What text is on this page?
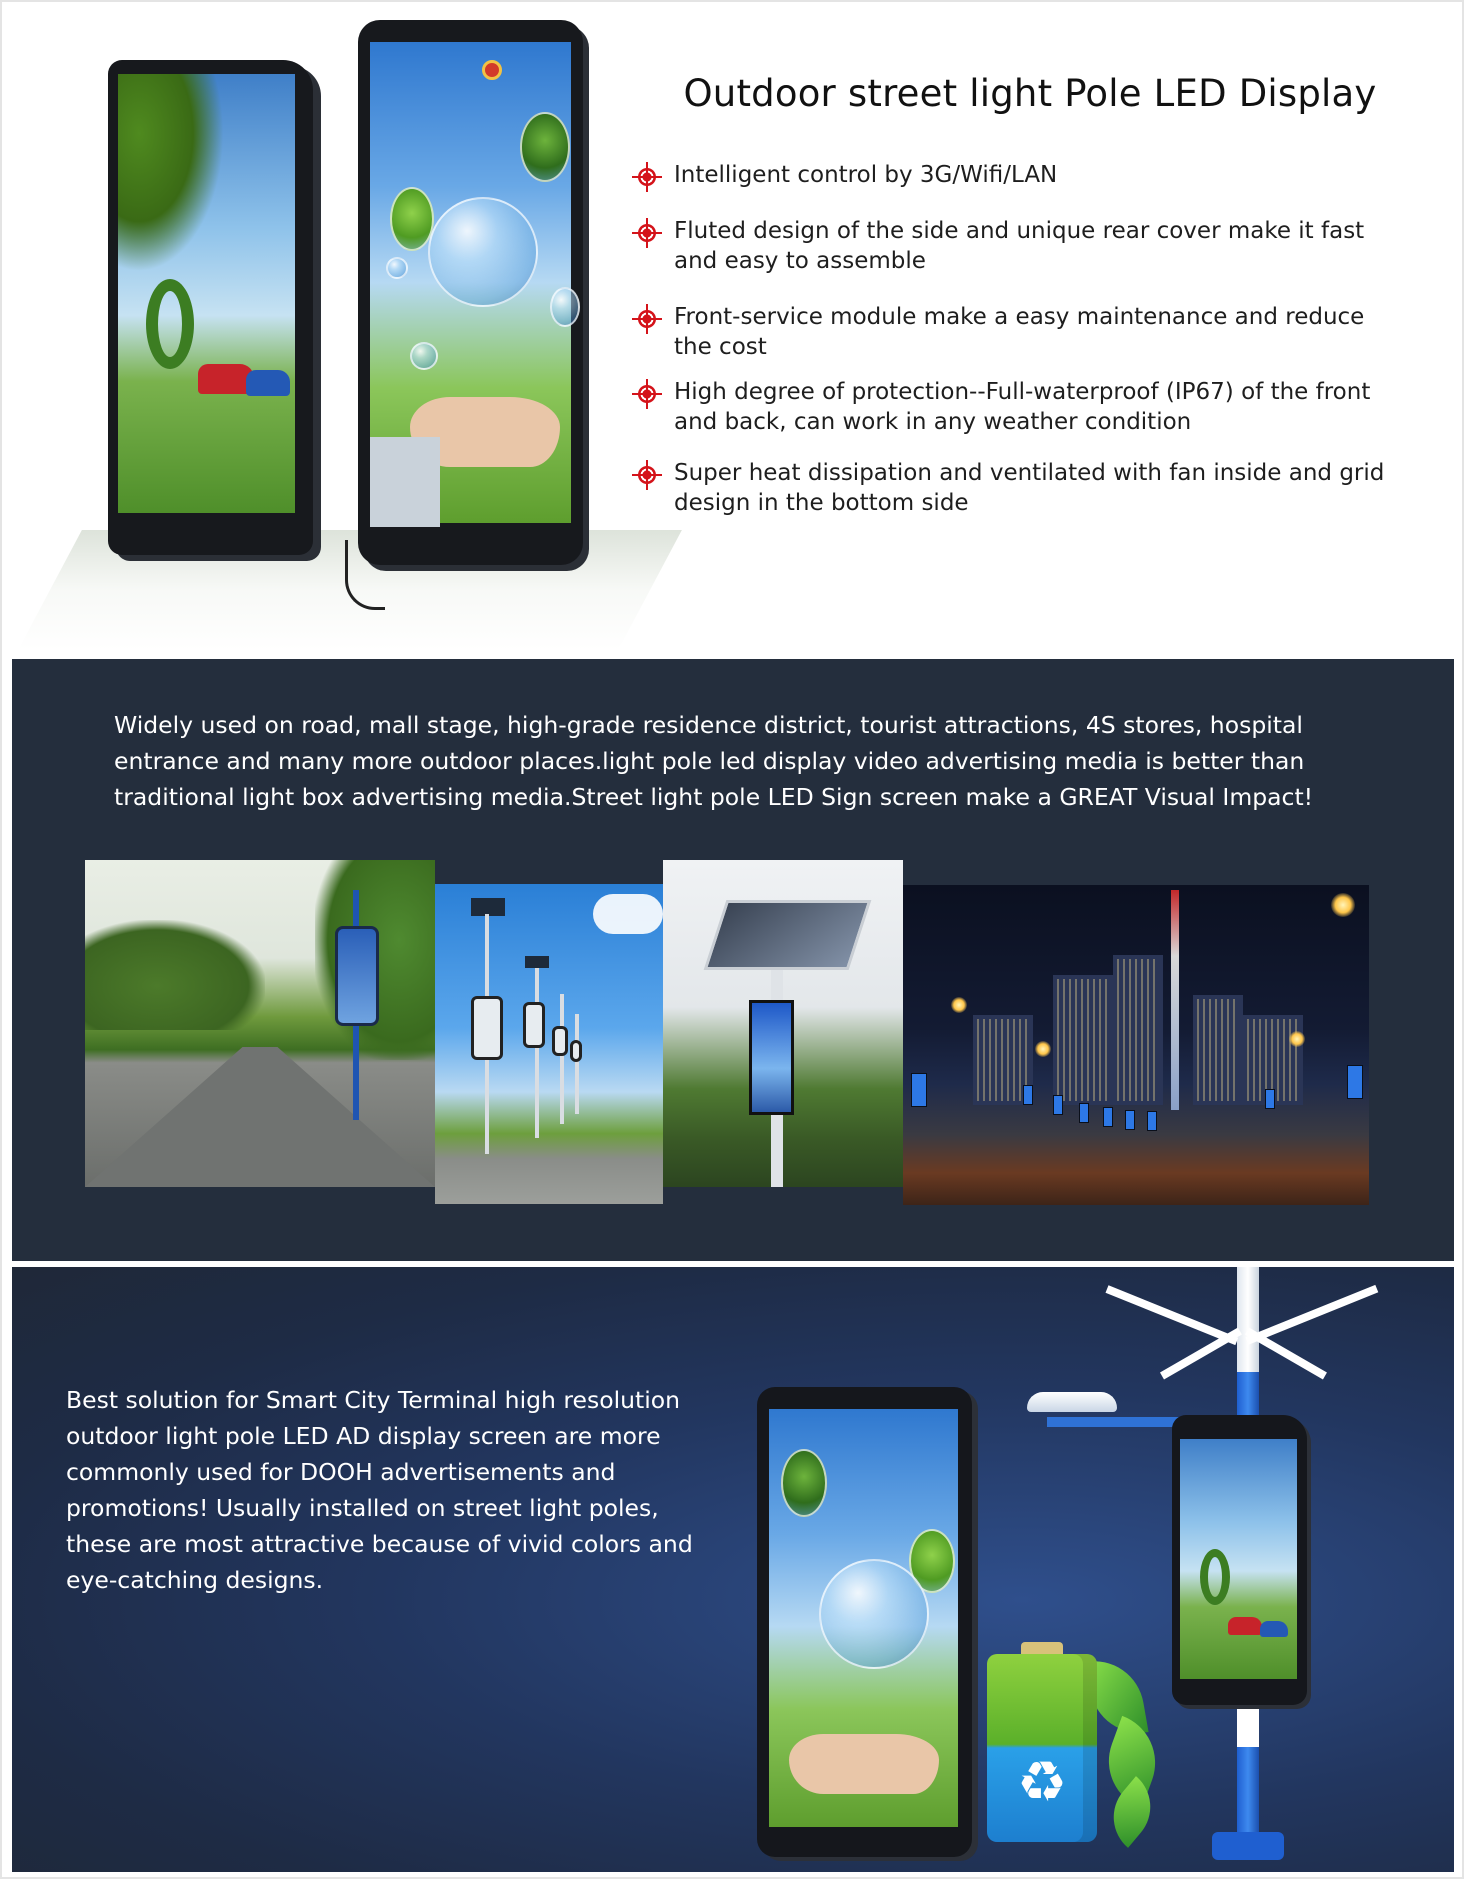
Outdoor street light Pole LED Display
Intelligent control by 3G/Wifi/LAN
Fluted design of the side and unique rear cover make it fast and easy to assemble
Front-service module make a easy maintenance and reduce the cost
High degree of protection--Full-waterproof (IP67) of the front and back, can work in any weather condition
Super heat dissipation and ventilated with fan inside and grid design in the bottom side

Widely used on road, mall stage, high-grade residence district, tourist attractions, 4S stores, hospital entrance and many more outdoor places.light pole led display video advertising media is better than traditional light box advertising media.Street light pole LED Sign screen make a GREAT Visual Impact!

Best solution for Smart City Terminal high resolution outdoor light pole LED AD display screen are more commonly used for DOOH advertisements and promotions! Usually installed on street light poles, these are most attractive because of vivid colors and eye-catching designs.

♻
